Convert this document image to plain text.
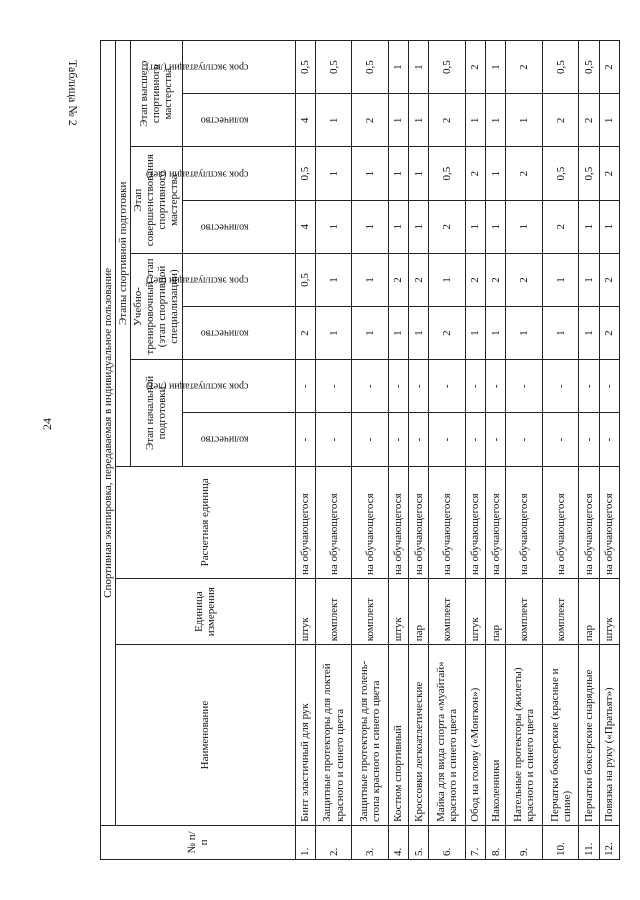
24
Таблица № 2
№ п/п	Спортивная экипировка, передаваемая в индивидуальное пользование										
	Наименование	Единица измерения	Расчетная единица	Этапы спортивной подготовки							
				Этап начальной подготовки		Учебно-тренировочный этап (этап спортивной специализации)		Этап совершенствования спортивного мастерства		Этап высшего спортивного мастерства	

				количество	срок эксплуатации (лет)	количество	срок эксплуатации (лет)	количество	срок эксплуатации (лет)	количество	срок эксплуатации (лет)

1.	Бинт эластичный для рук	штук	на обучающегося	-	-	2	0,5	4	0,5	4	0,5
2.	Защитные протекторы для локтей красного и синего цвета	комплект	на обучающегося	-	-	1	1	1	1	1	0,5
3.	Защитные протекторы для голень-стопа красного и синего цвета	комплект	на обучающегося	-	-	1	1	1	1	2	0,5
4.	Костюм спортивный	штук	на обучающегося	-	-	1	2	1	1	1	1
5.	Кроссовки легкоатлетические	пар	на обучающегося	-	-	1	2	1	1	1	1
6.	Майка для вида спорта «муайтай» красного и синего цвета	комплект	на обучающегося	-	-	2	1	2	0,5	2	0,5
7.	Обод на голову («Монгкон»)	штук	на обучающегося	-	-	1	2	1	2	1	2
8.	Наколенники	пар	на обучающегося	-	-	1	2	1	1	1	1
9.	Нательные протекторы (жилеты) красного и синего цвета	комплект	на обучающегося	-	-	1	2	1	2	1	2
10.	Перчатки боксерские (красные и синие)	комплект	на обучающегося	-	-	1	1	2	0,5	2	0,5
11.	Перчатки боксерские снарядные	пар	на обучающегося	-	-	1	1	1	0,5	2	0,5
12.	Повязка на руку («Пратьят»)	штук	на обучающегося	-	-	2	2	1	2	1	2
